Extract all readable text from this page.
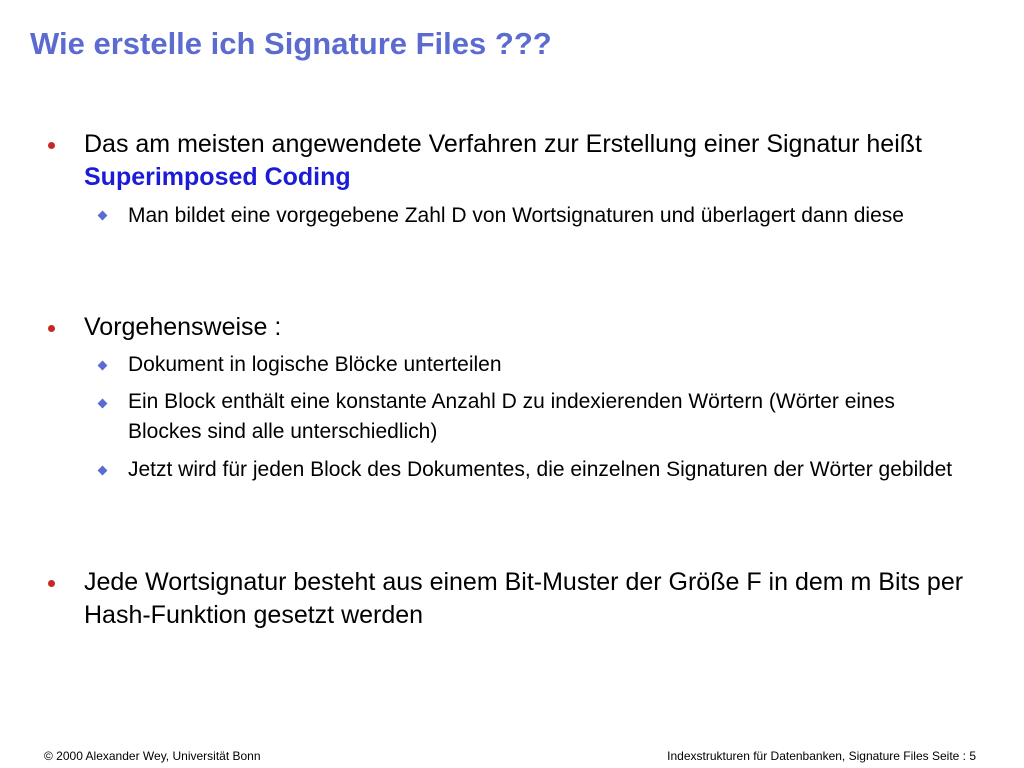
Wie erstelle ich Signature Files ???
Das am meisten angewendete Verfahren zur Erstellung einer Signatur heißt Superimposed Coding
Man bildet eine vorgegebene Zahl D von Wortsignaturen und überlagert dann diese
Vorgehensweise :
Dokument in logische Blöcke unterteilen
Ein Block enthält eine konstante Anzahl D zu indexierenden Wörtern (Wörter eines Blockes sind alle unterschiedlich)
Jetzt wird für jeden Block des Dokumentes, die einzelnen Signaturen der Wörter gebildet
Jede Wortsignatur besteht aus einem Bit-Muster der Größe F in dem m Bits per Hash-Funktion gesetzt werden
© 2000 Alexander Wey, Universität Bonn	Indexstrukturen für Datenbanken, Signature Files Seite : 5
